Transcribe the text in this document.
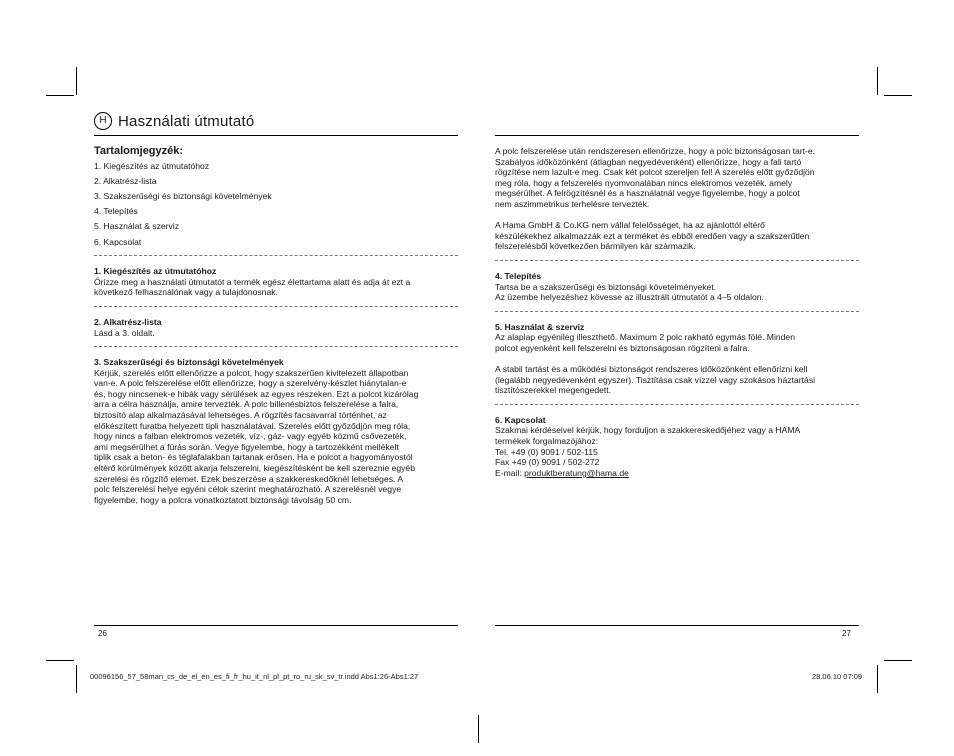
H Használati útmutató
Tartalomjegyzék:
1. Kiegészítés az útmutatóhoz
2. Alkatrész-lista
3. Szakszerűségi és biztonsági követelmények
4. Telepítés
5. Használat & szerviz
6. Kapcsolat
1. Kiegészítés az útmutatóhoz

Őrizze meg a használati útmutatót a termék egész élettartama alatt és adja át ezt a

következő felhasználónak vagy a tulajdonosnak.

2. Alkatrész-lista

Lásd a 3. oldalt.

3. Szakszerűségi és biztonsági követelmények

Kérjük, szerelés előtt ellenőrizze a polcot, hogy szakszerűen kivitelezett állapotban

van-e. A polc felszerelése előtt ellenőrizze, hogy a szerelvény-készlet hiánytalan-e

és, hogy nincsenek-e hibák vagy sérülések az egyes részeken. Ezt a polcot kizárólag

arra a célra használja, amire tervezték. A polc billenésbiztos felszerelése a falra,

biztosító alap alkalmazásával lehetséges. A rögzítés facsavarral történhet, az

előkészített furatba helyezett tipli használatával. Szerelés előtt győződjön meg róla,

hogy nincs a falban elektromos vezeték, víz-, gáz- vagy egyéb közmű csővezeték,

ami megsérülhet a fúrás során. Vegye figyelembe, hogy a tartozékként mellékelt

tiplik csak a beton- és téglafalakban tartanak erősen. Ha e polcot a hagyományostól

eltérő körülmények között akarja felszerelni, kiegészítésként be kell szereznie egyéb

szerelési és rögzítő elemet. Ezek beszerzése a szakkereskedőknél lehetséges. A

polc felszerelési helye egyéni célok szerint meghatározható. A szerelésnél vegye

figyelembe, hogy a polcra vonatkoztatott biztonsági távolság 50 cm.

A polc felszerelése után rendszeresen ellenőrizze, hogy a polc biztonságosan tart-e.

Szabályos időközönként (átlagban negyedévenként) ellenőrizze, hogy a fali tartó

rögzítése nem lazult-e meg. Csak két polcot szereljen fel! A szerelés előtt győződjön

meg róla, hogy a felszerelés nyomvonalában nincs elektromos vezeték, amely

megsérülhet. A felrögzítésnél és a használatnál vegye figyelembe, hogy a polcot

nem aszimmetrikus terhelésre tervezték.

A Hama GmbH & Co.KG nem vállal felelősséget, ha az ajánlottól eltérő

készülékekhez alkalmazzák ezt a terméket és ebből eredően vagy a szakszerűtlen

felszerelésből következően bármilyen kár származik.

4. Telepítés

Tartsa be a szakszerűségi és biztonsági követelményeket.

Az üzembe helyezéshez kövesse az illusztrált útmutatót a 4–5 oldalon.

5. Használat & szerviz

Az alaplap egyénileg illeszthető. Maximum 2 polc rakható egymás fölé. Minden

polcot egyenként kell felszerelni és biztonságosan rögzíteni a falra.

A stabil tartást és a működési biztonságot rendszeres időközönként ellenőrizni kell

(legalább negyedévenként egyszer). Tisztítása csak vízzel vagy szokásos háztartási

tisztítószerekkel megengedett.

6. Kapcsolat

Szakmai kérdéseivel kérjük, hogy forduljon a szakkereskedőjéhez vagy a HAMA

termékek forgalmazójához:

Tel. +49 (0) 9091 / 502-115

Fax +49 (0) 9091 / 502-272

E-mail: produktberatung@hama.de

26	27
00096156_57_58man_cs_de_el_en_es_fi_fr_hu_it_nl_pl_pt_ro_ru_sk_sv_tr.indd Abs1:26-Abs1:27	28.06.10 07:09
